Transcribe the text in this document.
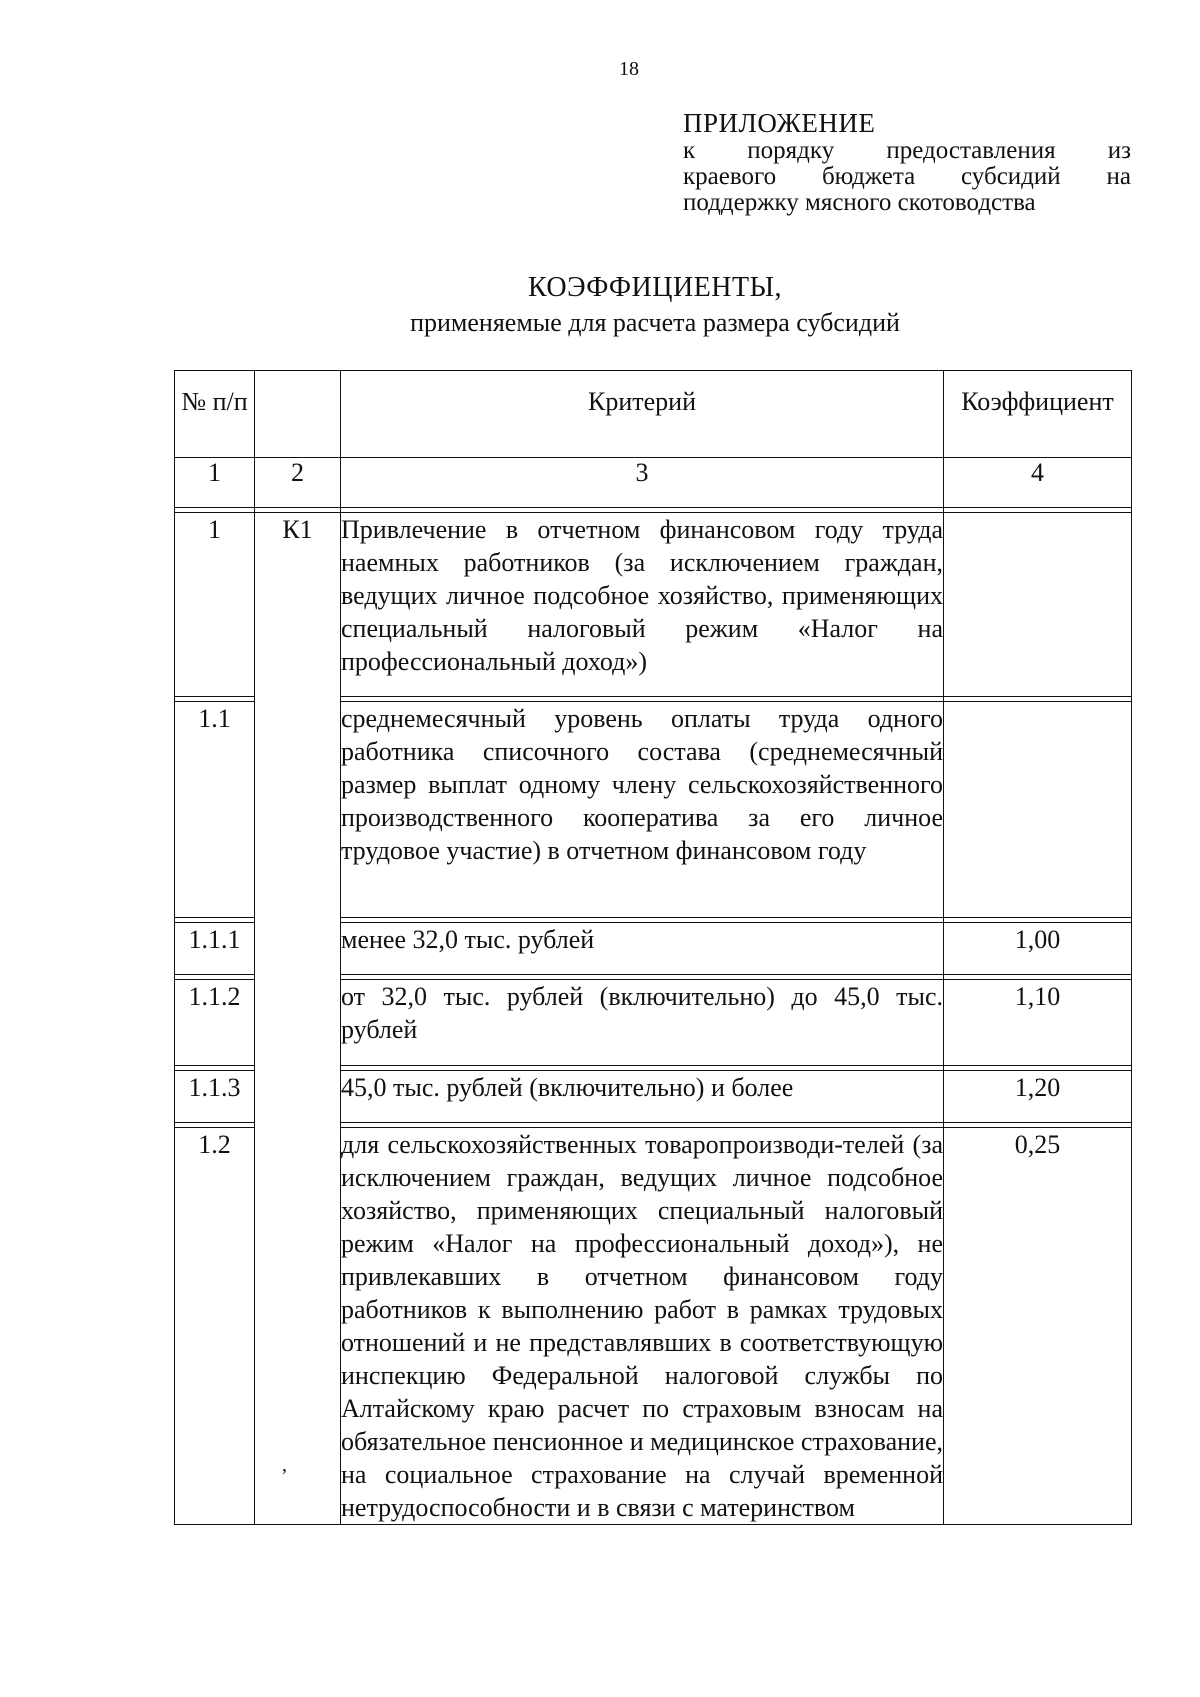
18
ПРИЛОЖЕНИЕ
к порядку предоставления из
краевого бюджета субсидий на
поддержку мясного скотоводства
КОЭФФИЦИЕНТЫ,
применяемые для расчета размера субсидий
№ п/п		Критерий	Коэффициент
1	2	3	4

1	К1	Привлечение в отчетном финансовом году труда наемных работников (за исключением граждан, ведущих личное подсобное хозяйство, применяющих специальный налоговый режим «Налог на профессиональный доход»)	

1.1		среднемесячный уровень оплаты труда одного работника списочного состава (среднемесячный размер выплат одному члену сельскохозяйственного производственного кооператива за его личное трудовое участие) в отчетном финансовом году	

1.1.1		менее 32,0 тыс. рублей	1,00

1.1.2		от 32,0 тыс. рублей (включительно) до 45,0 тыс. рублей	1,10

1.1.3		45,0 тыс. рублей (включительно) и более	1,20

1.2		для сельскохозяйственных товаропроизводи-телей (за исключением граждан, ведущих личное подсобное хозяйство, применяющих специальный налоговый режим «Налог на профессиональный доход»), не привлекавших в отчетном финансовом году работников к выполнению работ в рамках трудовых отношений и не представлявших в соответствующую инспекцию Федеральной налоговой службы по Алтайскому краю расчет по страховым взносам на обязательное пенсионное и медицинское страхование, на социальное страхование на случай временной нетрудоспособности и в связи с материнством	0,25
,
